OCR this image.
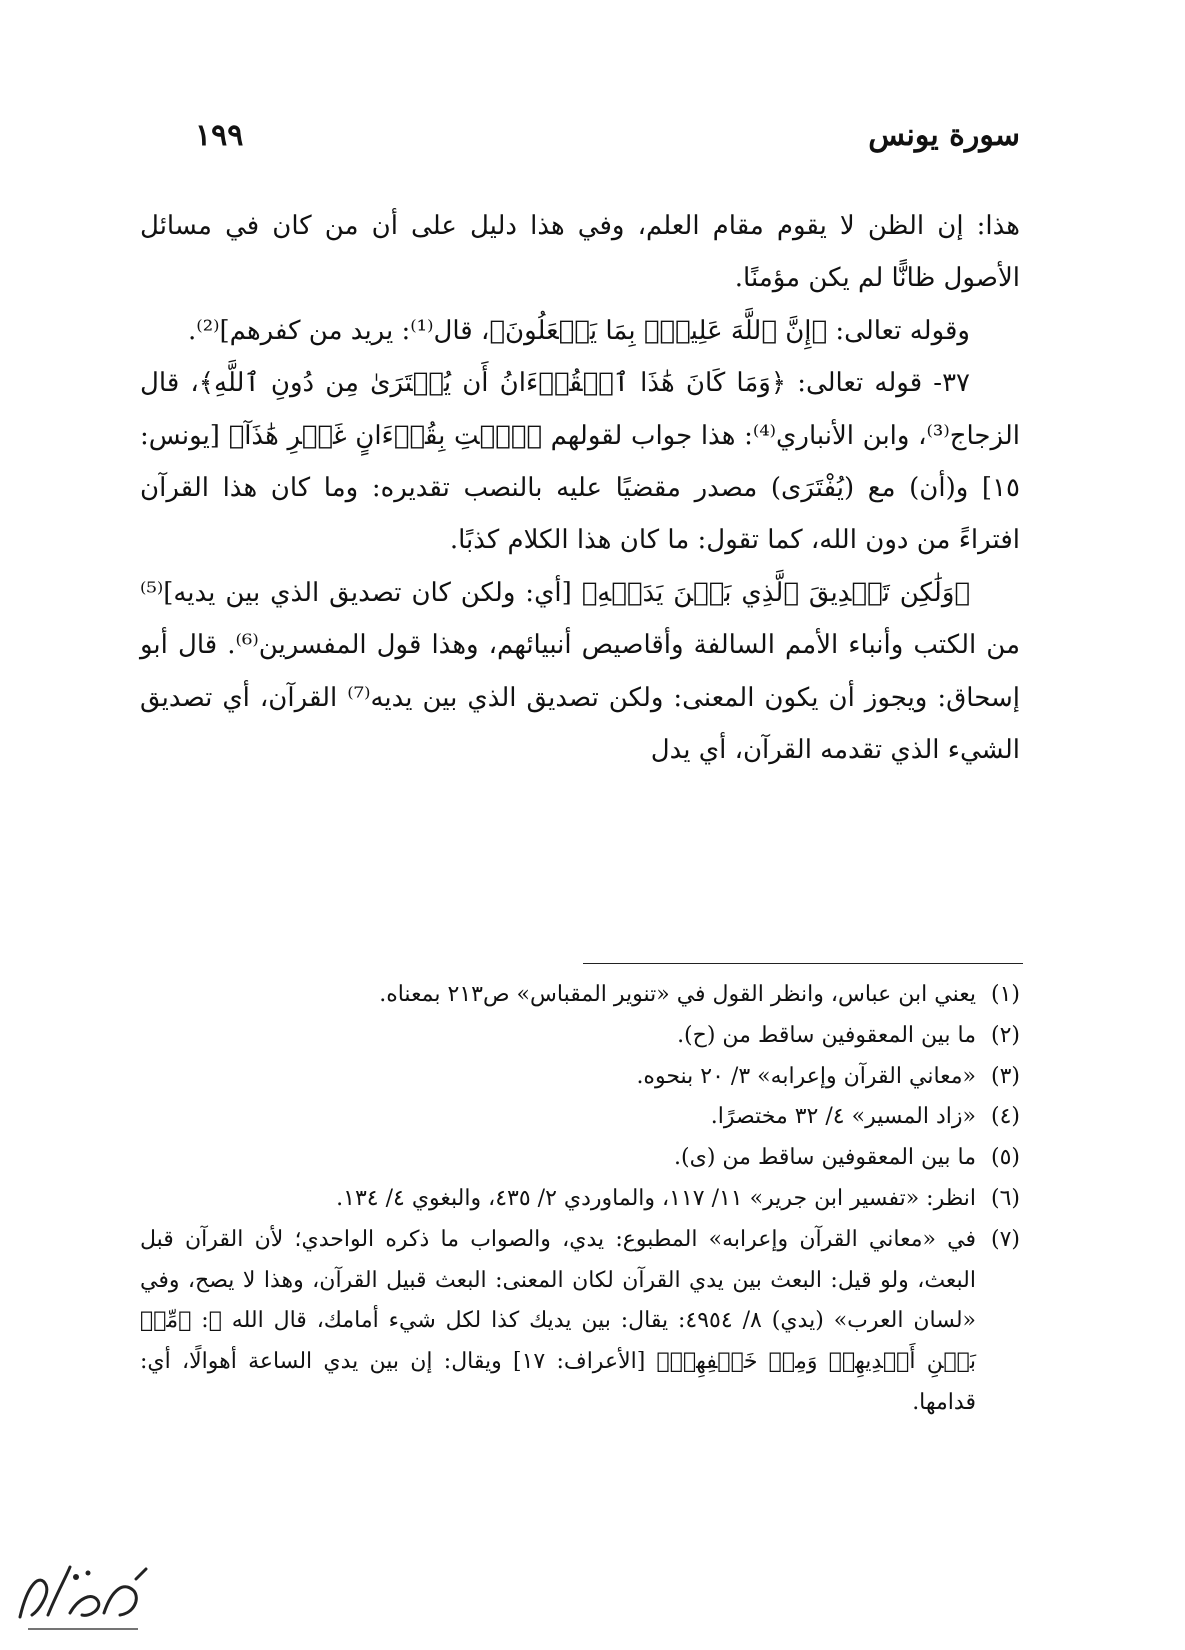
سورة يونس
١٩٩

هذا: إن الظن لا يقوم مقام العلم، وفي هذا دليل على أن من كان في مسائل الأصول ظانًّا لم يكن مؤمنًا.

وقوله تعالى: ﴿إِنَّ ٱللَّهَ عَلِيمٌۢ بِمَا يَفۡعَلُونَ﴾، قال⁽¹⁾: يريد من كفرهم]⁽²⁾.

٣٧- قوله تعالى: ﴿وَمَا كَانَ هَٰذَا ٱلۡقُرۡءَانُ أَن يُفۡتَرَىٰ مِن دُونِ ٱللَّهِ﴾، قال الزجاج⁽³⁾، وابن الأنباري⁽⁴⁾: هذا جواب لقولهم ﴿ٱئۡتِ بِقُرۡءَانٍ غَيۡرِ هَٰذَآ﴾ [يونس: ١٥] و(أن) مع (يُفْتَرَى) مصدر مقضيًا عليه بالنصب تقديره: وما كان هذا القرآن افتراءً من دون الله، كما تقول: ما كان هذا الكلام كذبًا.

﴿وَلَٰكِن تَصۡدِيقَ ٱلَّذِي بَيۡنَ يَدَيۡهِ﴾ [أي: ولكن كان تصديق الذي بين يديه]⁽⁵⁾ من الكتب وأنباء الأمم السالفة وأقاصيص أنبيائهم، وهذا قول المفسرين⁽⁶⁾. قال أبو إسحاق: ويجوز أن يكون المعنى: ولكن تصديق الذي بين يديه⁽⁷⁾ القرآن، أي تصديق الشيء الذي تقدمه القرآن، أي يدل

(١)
يعني ابن عباس، وانظر القول في «تنوير المقباس» ص٢١٣ بمعناه.
(٢)
ما بين المعقوفين ساقط من (ح).
(٣)
«معاني القرآن وإعرابه» ٣/ ٢٠ بنحوه.
(٤)
«زاد المسير» ٤/ ٣٢ مختصرًا.
(٥)
ما بين المعقوفين ساقط من (ى).
(٦)
انظر: «تفسير ابن جرير» ١١/ ١١٧، والماوردي ٢/ ٤٣٥، والبغوي ٤/ ١٣٤.
(٧)
في «معاني القرآن وإعرابه» المطبوع: يدي، والصواب ما ذكره الواحدي؛ لأن القرآن قبل البعث، ولو قيل: البعث بين يدي القرآن لكان المعنى: البعث قبيل القرآن، وهذا لا يصح، وفي «لسان العرب» (يدي) ٨/ ٤٩٥٤: يقال: بين يديك كذا لكل شيء أمامك، قال الله ﷻ: ﴿مِّنۢ بَيۡنِ أَيۡدِيهِمۡ وَمِنۡ خَلۡفِهِمۡ﴾ [الأعراف: ١٧] ويقال: إن بين يدي الساعة أهوالًا، أي: قدامها.
